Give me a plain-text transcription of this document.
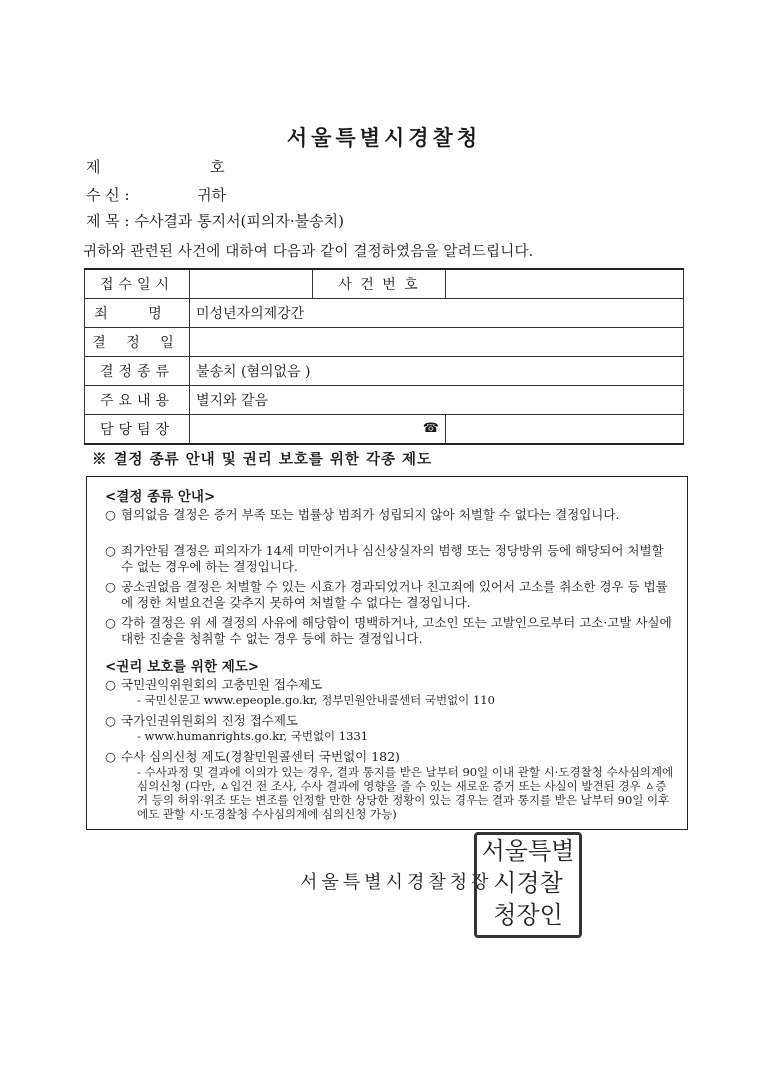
서울특별시경찰청
제	호
수 신 :	귀하
제 목 : 수사결과 통지서(피의자·불송치)
귀하와 관련된 사건에 대하여 다음과 같이 결정하였음을 알려드립니다.
접수일시		사 건 번 호	
죄 명	미성년자의제강간		
결 정 일			
결정종류	불송치 (혐의없음 )		
주요내용	별지와 같음		
담당팀장	☎		

※ 결정 종류 안내 및 권리 보호를 위한 각종 제도
<결정 종류 안내>
○ 혐의없음 결정은 증거 부족 또는 법률상 범죄가 성립되지 않아 처벌할 수 없다는 결정입니다.
○ 죄가안됨 결정은 피의자가 14세 미만이거나 심신상실자의 범행 또는 정당방위 등에 해당되어 처벌할 수 없는 경우에 하는 결정입니다.
○ 공소권없음 결정은 처벌할 수 있는 시효가 경과되었거나 친고죄에 있어서 고소를 취소한 경우 등 법률에 정한 처벌요건을 갖추지 못하여 처벌할 수 없다는 결정입니다.
○ 각하 결정은 위 세 결정의 사유에 해당함이 명백하거나, 고소인 또는 고발인으로부터 고소·고발 사실에 대한 진술을 청취할 수 없는 경우 등에 하는 결정입니다.
<권리 보호를 위한 제도>
○ 국민권익위원회의 고충민원 접수제도
- 국민신문고 www.epeople.go.kr, 정부민원안내콜센터 국번없이 110
○ 국가인권위원회의 진정 접수제도
- www.humanrights.go.kr, 국번없이 1331
○ 수사 심의신청 제도(경찰민원콜센터 국번없이 182)
- 수사과정 및 결과에 이의가 있는 경우, 결과 통지를 받은 날부터 90일 이내 관할 시·도경찰청 수사심의계에 심의신청 (다만, ㅿ입건 전 조사, 수사 결과에 영향을 줄 수 있는 새로운 증거 또는 사실이 발견된 경우 ㅿ증거 등의 허위·위조 또는 변조를 인정할 만한 상당한 정황이 있는 경우는 결과 통지를 받은 날부터 90일 이후에도 관할 시·도경찰청 수사심의계에 심의신청 가능)
서울특별시경찰청장
서울특별
시경찰
청장인
